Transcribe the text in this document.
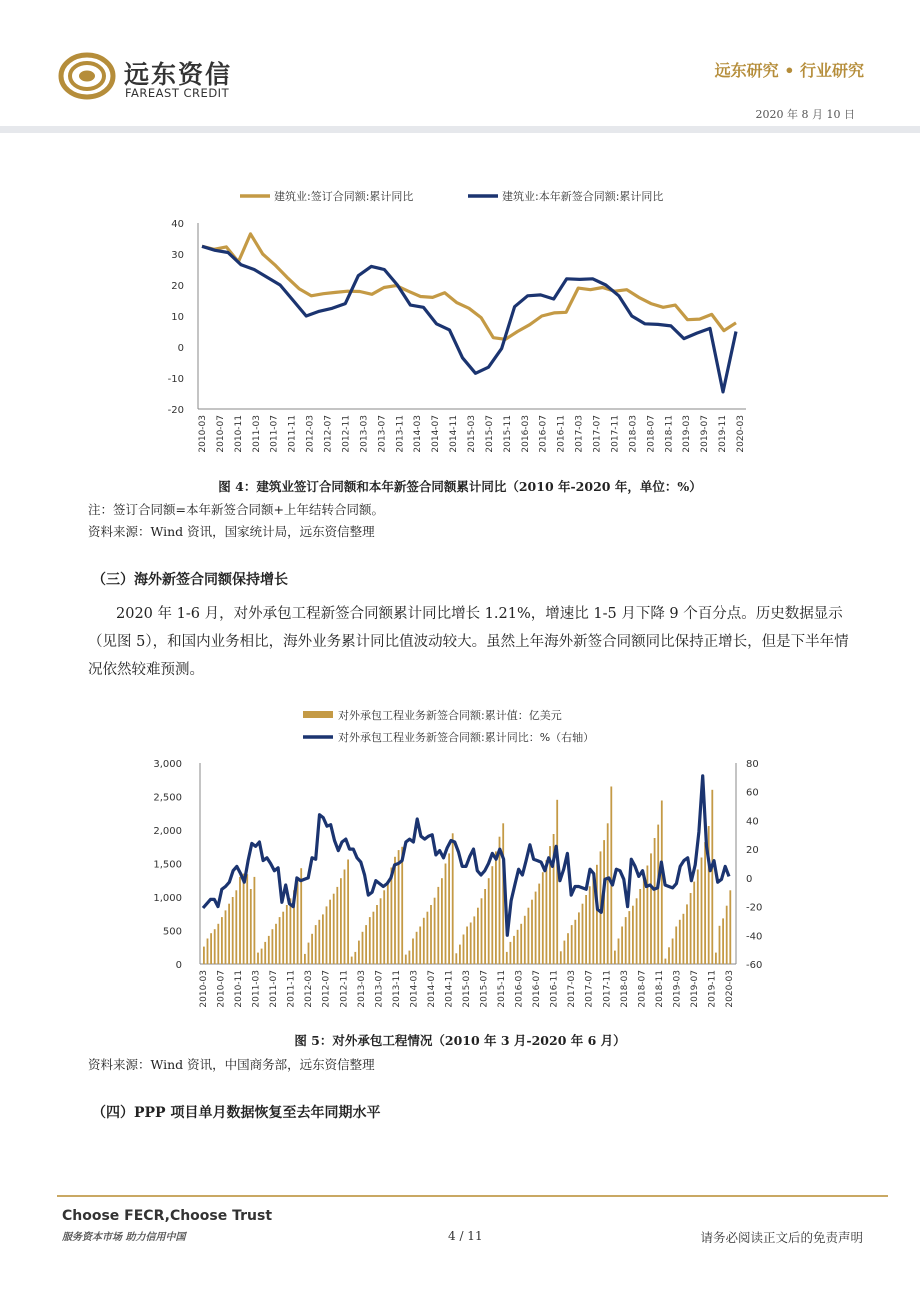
远东资信
FAREAST CREDIT
远东研究 • 行业研究
2020 年 8 月 10 日
40
30
20
10
0
-10
-20
2010-03 2010-07 2010-11 2011-03 2011-07 2011-11 2012-03 2012-07 2012-11 2013-03 2013-07 2013-11 2014-03 2014-07 2014-11 2015-03 2015-07 2015-11 2016-03 2016-07 2016-11 2017-03 2017-07 2017-11 2018-03 2018-07 2018-11 2019-03 2019-07 2019-11 2020-03
建筑业:签订合同额:累计同比	建筑业:本年新签合同额:累计同比
图 4：建筑业签订合同额和本年新签合同额累计同比（2010 年-2020 年，单位：%）
注：签订合同额=本年新签合同额+上年结转合同额。
资料来源：Wind 资讯，国家统计局，远东资信整理
（三）海外新签合同额保持增长

2020 年 1-6 月，对外承包工程新签合同额累计同比增长 1.21%，增速比 1-5 月下降 9 个百分点。历史数据显示（见图 5），和国内业务相比，海外业务累计同比值波动较大。虽然上年海外新签合同额同比保持正增长，但是下半年情况依然较难预测。

3,000
2,500
2,000
1,500
1,000
500
0
80
60
40
20
0
-20
-40
-60
2010-03 2010-07 2010-11 2011-03 2011-07 2011-11 2012-03 2012-07 2012-11 2013-03 2013-07 2013-11 2014-03 2014-07 2014-11 2015-03 2015-07 2015-11 2016-03 2016-07 2016-11 2017-03 2017-07 2017-11 2018-03 2018-07 2018-11 2019-03 2019-07 2019-11 2020-03
对外承包工程业务新签合同额:累计值：亿美元
对外承包工程业务新签合同额:累计同比：%（右轴）
图 5：对外承包工程情况（2010 年 3 月-2020 年 6 月）
资料来源：Wind 资讯，中国商务部，远东资信整理
（四）PPP 项目单月数据恢复至去年同期水平
Choose FECR,Choose Trust
服务资本市场 助力信用中国	4 / 11	请务必阅读正文后的免责声明
